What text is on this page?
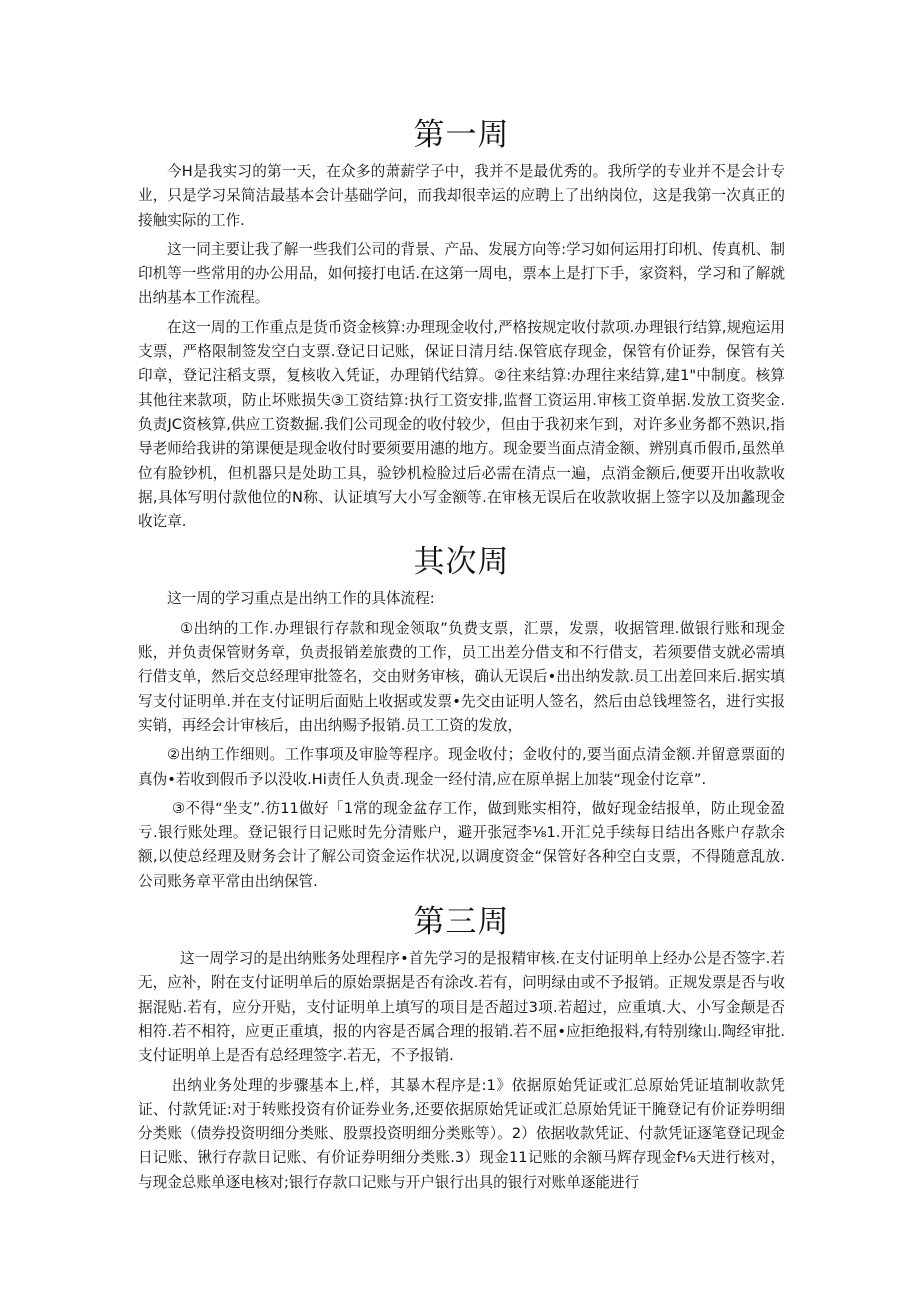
第一周

今H是我实习的第一天，在众多的萧薪学子中，我并不是最优秀的。我所学的专业并不是会计专业，只是学习呆简洁最基本会计基础学问，而我却很幸运的应聘上了出纳岗位，这是我第一次真正的接触实际的工作.

这一同主要让我了解一些我们公司的背景、产品、发展方向等:学习如何运用打印机、传真机、制印机等一些常用的办公用品，如何接打电话.在这第一周电，票本上是打下手，家资料，学习和了解就出纳基本工作流程。

在这一周的工作重点是货币资金核算:办理现金收付,严格按规定收付款项.办理银行结算,规疱运用支票，严格限制签发空白支票.登记日记账，保证日清月结.保管底存现金，保管有价证券，保管有关印章，登记注稻支票，复核收入凭证，办理销代结算。②往来结算:办理往来结算,建1"中制度。核算其他往来款项，防止坏账损失③工资结算:执行工资安排,监督工资运用.审核工资单据.发放工资奖金.负责JC资核算,供应工资数掘.我们公司现金的收付较少，但由于我初来乍到，对许多业务都不熟识,指导老师给我讲的第课便是现金收付时要须要用潓的地方。现金要当面点清金额、辨别真币假币,虽然单位有脸钞机，但机器只是处助工具，验钞机检脸过后必需在清点一遍，点消金额后,便要开出收款收据,具体写明付款他位的N称、认证填写大小写金额等.在审核无误后在收款收据上签字以及加蠡现金收讫章.

其次周

这一周的学习重点是出纳工作的具体流程:

①出纳的工作.办理银行存款和现金领取”负费支票，汇票，发票，收据管理.做银行账和现金账，并负责保管财务章，负责报销差旅费的工作，员工出差分借支和不行借支，若须要借支就必需填行借支单，然后交总经理审批签名，交由财务审核，确认无误后•出出纳发款.员工出差回来后.据实填写支付证明单.并在支付证明后面贴上收据或发票•先交由证明人签名，然后由总钱埋签名，进行实报实销，再经会计审核后，由出纳赐予报销.员工工资的发放，

②出纳工作细则。工作事项及审脸等程序。现金收付；金收付的,要当面点清金额.并留意票面的真伪•若收到假币予以没收.Hi责任人负责.现金一经付清,应在原单据上加装“现金付讫章”.

③不得“坐支”.彷11做好「1常的现金盆存工作，做到账实相符，做好现金结报单，防止现金盈亏.银行账处理。登记银行日记账时先分清账户，避开张冠李⅛1.开汇兑手续每日结出各账户存款余额,以使总经理及财务会计了解公司资金运作状况,以调度资金“保管好各种空白支票，不得随意乱放.公司账务章平常由出纳保管.

第三周

这一周学习的是出纳账务处理程序•首先学习的是报精审核.在支付证明单上经办公是否签字.若无，应补，附在支付证明单后的原始票据是否有涂改.若有，问明绿由或不予报销。正规发票是否与收据混贴.若有，应分开贴，支付证明单上填写的项目是否超过3项.若超过，应重填.大、小写金颠是否相符.若不相符，应更正重填，报的内容是否属合理的报销.若不屈•应拒绝报料,有特别缘山.陶经审批.支付证明单上是否有总经理签字.若无，不予报销.

出纳业务处理的步骤基本上,样，其暴木程序是:1》依据原始凭证或汇总原始凭证埴制收款凭证、付款凭证:对于转账投资有价证券业务,还要依据原始凭证或汇总原始凭证干腌登记有价证券明细分类账（债券投资明细分类账、股票投资明细分类账等）。2）依据收款凭证、付款凭证逐笔登记现金日记账、锹行存款日记账、有价证券明细分类账.3）现金11记账的余额马辉存现金f⅛天进行核对，与现金总账单逐电核对;银行存款口记账与开户银行出具的银行对账单逐能进行
